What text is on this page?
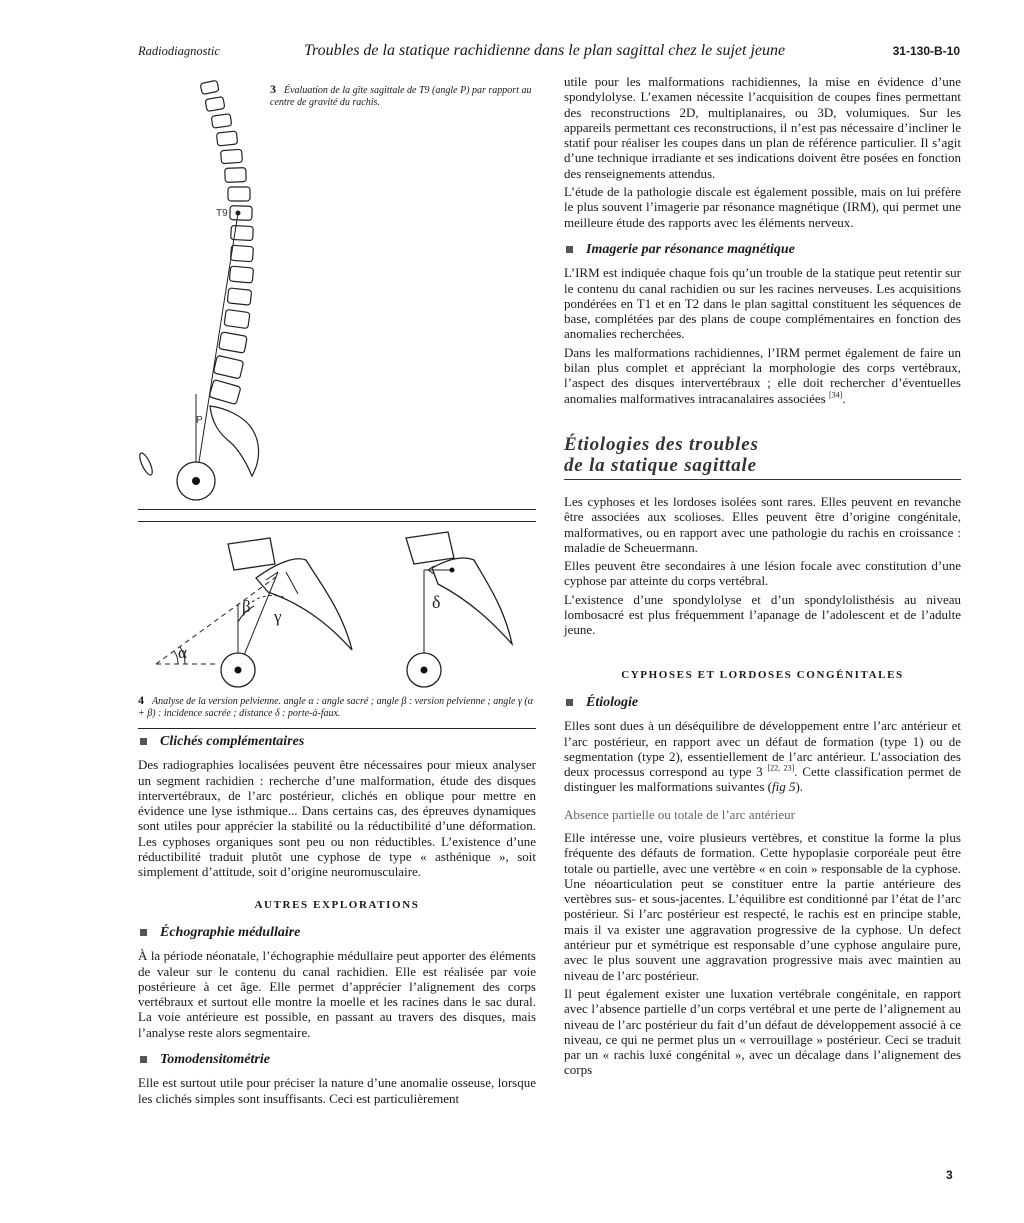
Radiodiagnostic	Troubles de la statique rachidienne dans le plan sagittal chez le sujet jeune	31-130-B-10
T9
P
3 Évaluation de la gîte sagittale de T9 (angle P) par rapport au centre de gravité du rachis.
α
β
γ
δ
4 Analyse de la version pelvienne. angle α : angle sacré ; angle β : version pelvienne ; angle γ (α + β) : incidence sacrée ; distance δ : porte-à-faux.
Clichés complémentaires

Des radiographies localisées peuvent être nécessaires pour mieux analyser un segment rachidien : recherche d’une malformation, étude des disques intervertébraux, de l’arc postérieur, clichés en oblique pour mettre en évidence une lyse isthmique... Dans certains cas, des épreuves dynamiques sont utiles pour apprécier la stabilité ou la réductibilité d’une déformation. Les cyphoses organiques sont peu ou non réductibles. L’existence d’une réductibilité traduit plutôt une cyphose de type « asthénique », soit simplement d’attitude, soit d’origine neuromusculaire.

AUTRES EXPLORATIONS
Échographie médullaire

À la période néonatale, l’échographie médullaire peut apporter des éléments de valeur sur le contenu du canal rachidien. Elle est réalisée par voie postérieure à cet âge. Elle permet d’apprécier l’alignement des corps vertébraux et surtout elle montre la moelle et les racines dans le sac dural. La voie antérieure est possible, en passant au travers des disques, mais l’analyse reste alors segmentaire.

Tomodensitométrie

Elle est surtout utile pour préciser la nature d’une anomalie osseuse, lorsque les clichés simples sont insuffisants. Ceci est particulièrement

utile pour les malformations rachidiennes, la mise en évidence d’une spondylolyse. L’examen nécessite l’acquisition de coupes fines permettant des reconstructions 2D, multiplanaires, ou 3D, volumiques. Sur les appareils permettant ces reconstructions, il n’est pas nécessaire d’incliner le statif pour réaliser les coupes dans un plan de référence particulier. Il s’agit d’une technique irradiante et ses indications doivent être posées en fonction des renseignements attendus.

L’étude de la pathologie discale est également possible, mais on lui préfère le plus souvent l’imagerie par résonance magnétique (IRM), qui permet une meilleure étude des rapports avec les éléments nerveux.

Imagerie par résonance magnétique

L’IRM est indiquée chaque fois qu’un trouble de la statique peut retentir sur le contenu du canal rachidien ou sur les racines nerveuses. Les acquisitions pondérées en T1 et en T2 dans le plan sagittal constituent les séquences de base, complétées par des plans de coupe complémentaires en fonction des anomalies recherchées.

Dans les malformations rachidiennes, l’IRM permet également de faire un bilan plus complet et appréciant la morphologie des corps vertébraux, l’aspect des disques intervertébraux ; elle doit rechercher d’éventuelles anomalies malformatives intracanalaires associées [34].

Étiologies des troubles
de la statique sagittale

Les cyphoses et les lordoses isolées sont rares. Elles peuvent en revanche être associées aux scolioses. Elles peuvent être d’origine congénitale, malformatives, ou en rapport avec une pathologie du rachis en croissance : maladie de Scheuermann.

Elles peuvent être secondaires à une lésion focale avec constitution d’une cyphose par atteinte du corps vertébral.

L’existence d’une spondylolyse et d’un spondylolisthésis au niveau lombosacré est plus fréquemment l’apanage de l’adolescent et de l’adulte jeune.

CYPHOSES ET LORDOSES CONGÉNITALES
Étiologie

Elles sont dues à un déséquilibre de développement entre l’arc antérieur et l’arc postérieur, en rapport avec un défaut de formation (type 1) ou de segmentation (type 2), essentiellement de l’arc antérieur. L’association des deux processus correspond au type 3 [22, 23]. Cette classification permet de distinguer les malformations suivantes (fig 5).

Absence partielle ou totale de l’arc antérieur

Elle intéresse une, voire plusieurs vertèbres, et constitue la forme la plus fréquente des défauts de formation. Cette hypoplasie corporéale peut être totale ou partielle, avec une vertèbre « en coin » responsable de la cyphose. Une néoarticulation peut se constituer entre la partie antérieure des vertèbres sus- et sous-jacentes. L’équilibre est conditionné par l’état de l’arc postérieur. Si l’arc postérieur est respecté, le rachis est en principe stable, mais il va exister une aggravation progressive de la cyphose. Un defect antérieur pur et symétrique est responsable d’une cyphose angulaire pure, avec le plus souvent une aggravation progressive mais avec maintien au niveau de l’arc postérieur.

Il peut également exister une luxation vertébrale congénitale, en rapport avec l’absence partielle d’un corps vertébral et une perte de l’alignement au niveau de l’arc postérieur du fait d’un défaut de développement associé à ce niveau, ce qui ne permet plus un « verrouillage » postérieur. Ceci se traduit par un « rachis luxé congénital », avec un décalage dans l’alignement des corps

3
